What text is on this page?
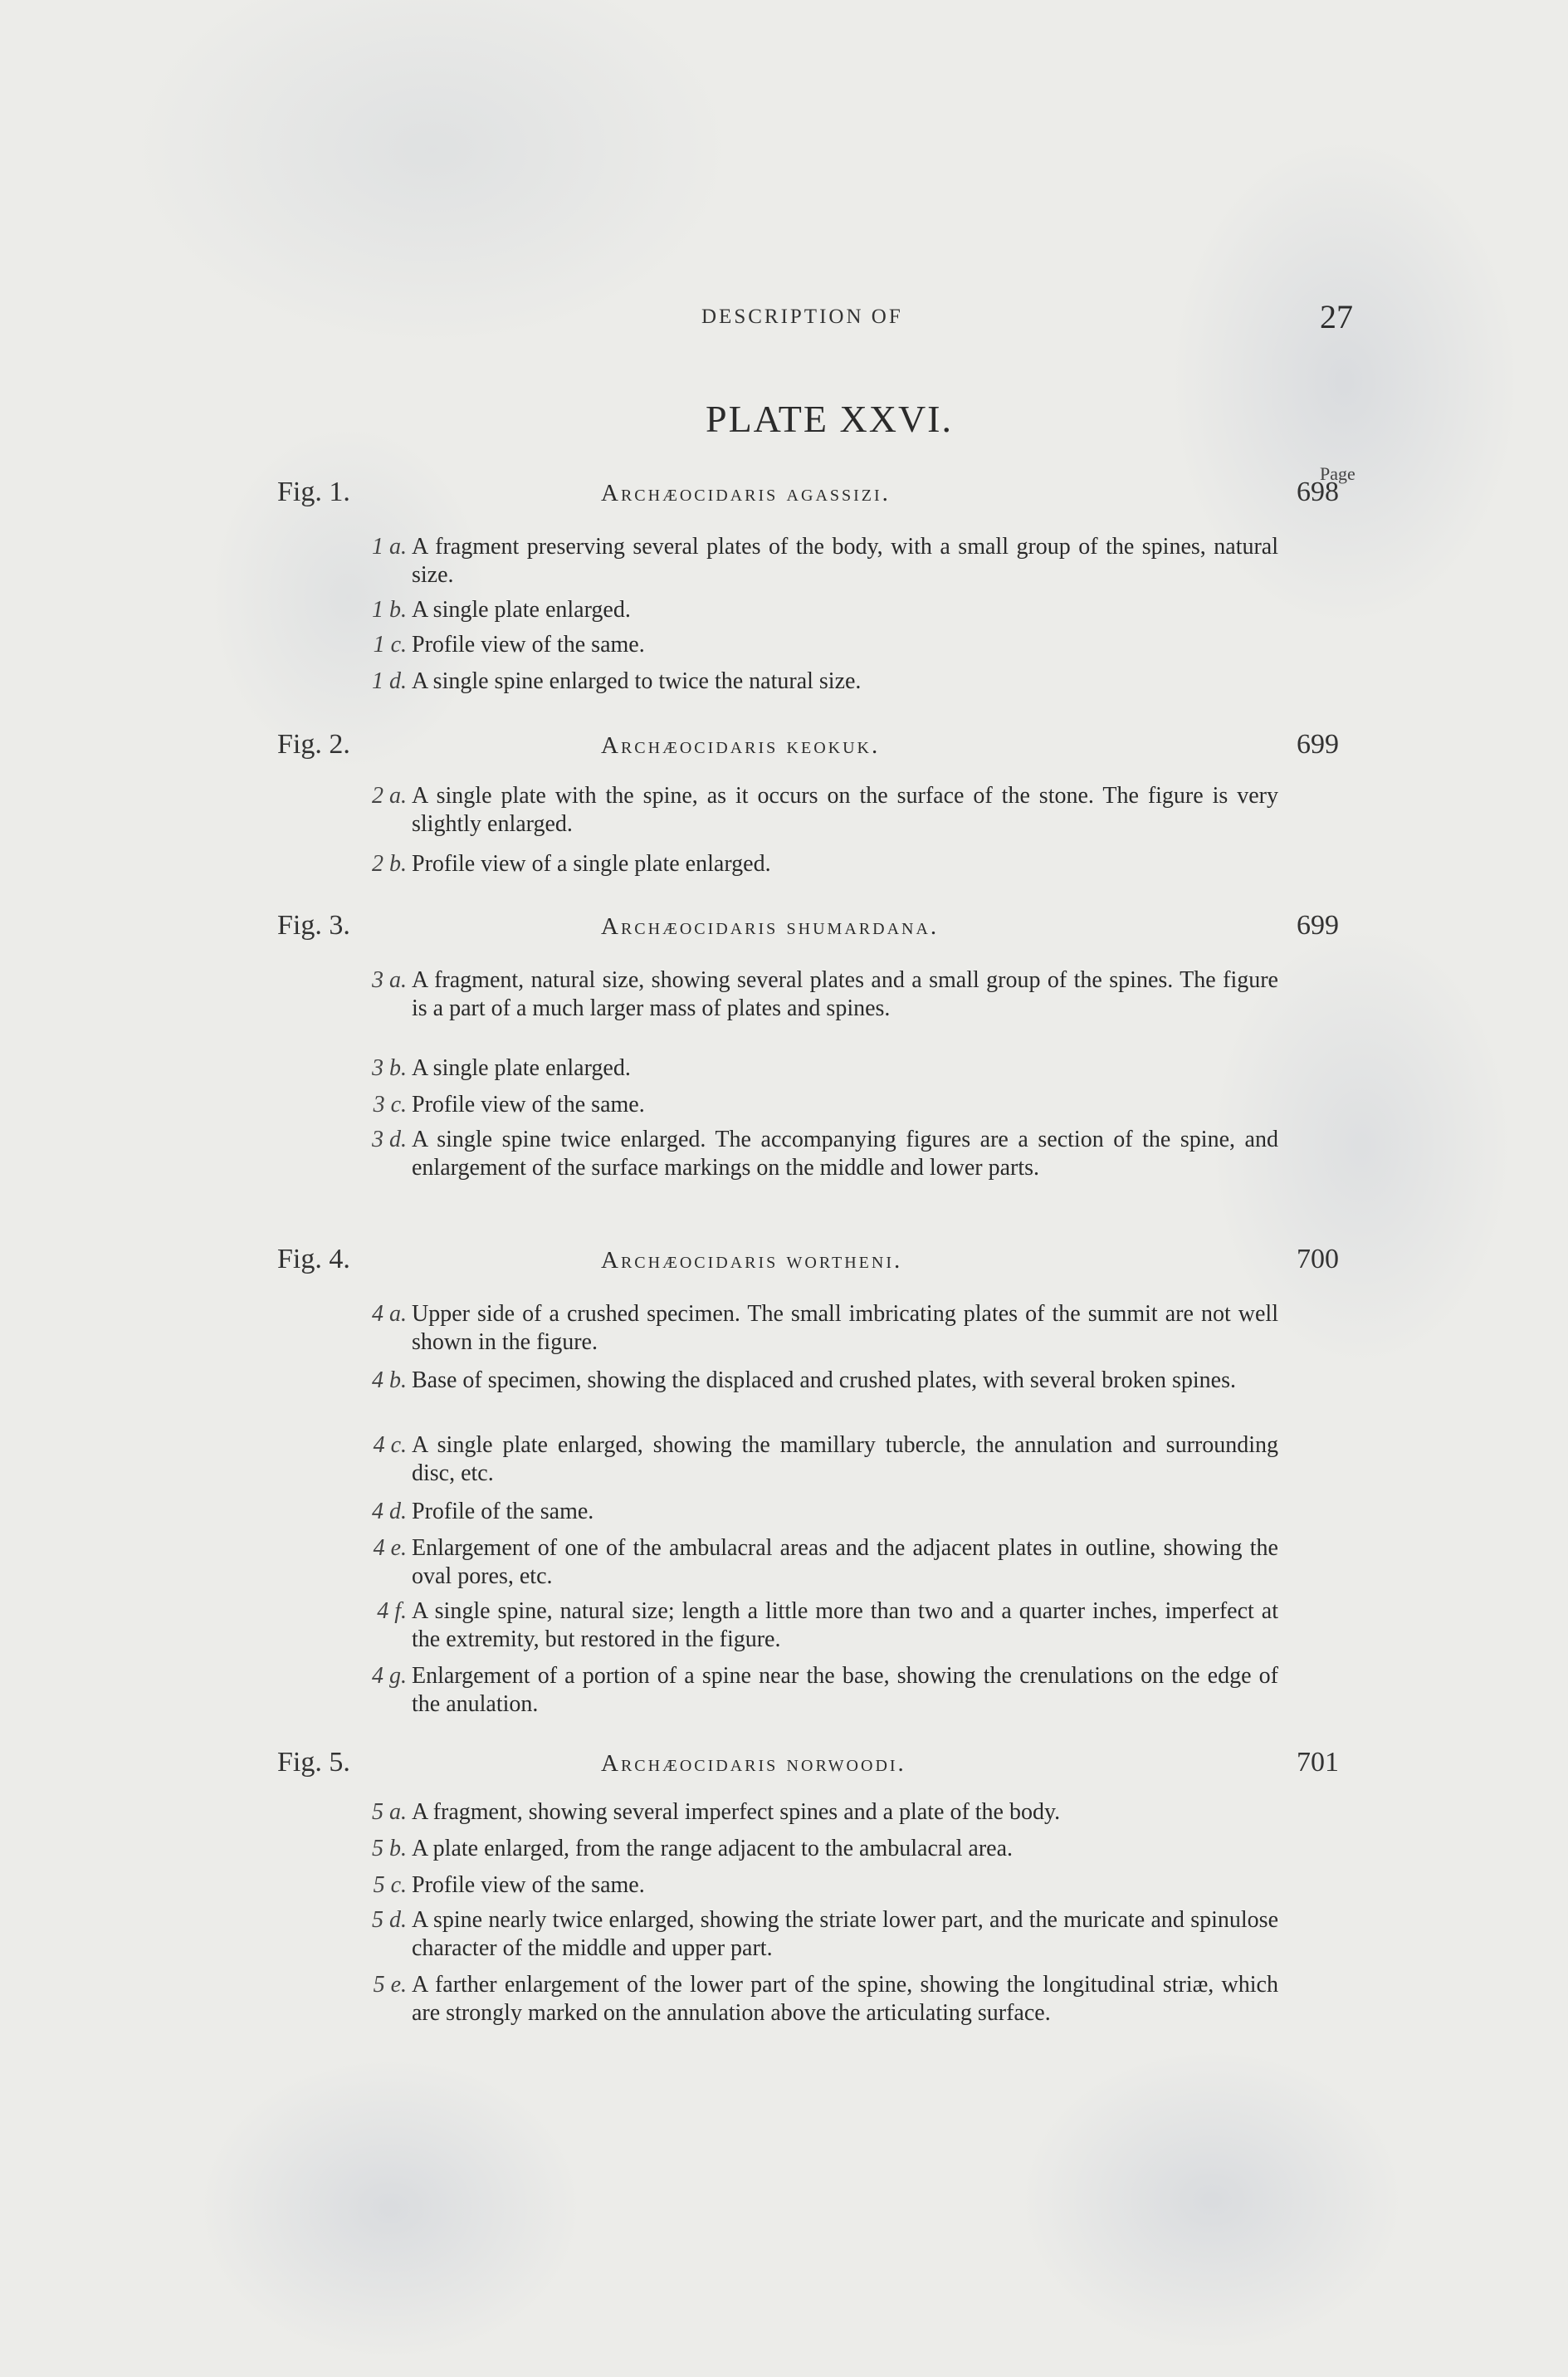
DESCRIPTION OF	27
PLATE XXVI.
Page
Fig. 1.	Archæocidaris agassizi.	698
1 a. A fragment preserving several plates of the body, with a small group of the spines, natural size.
1 b. A single plate enlarged.
1 c. Profile view of the same.
1 d. A single spine enlarged to twice the natural size.
Fig. 2.	Archæocidaris keokuk.	699
2 a. A single plate with the spine, as it occurs on the surface of the stone. The figure is very slightly enlarged.
2 b. Profile view of a single plate enlarged.
Fig. 3.	Archæocidaris shumardana.	699
3 a. A fragment, natural size, showing several plates and a small group of the spines. The figure is a part of a much larger mass of plates and spines.
3 b. A single plate enlarged.
3 c. Profile view of the same.
3 d. A single spine twice enlarged. The accompanying figures are a section of the spine, and enlargement of the surface markings on the middle and lower parts.
Fig. 4.	Archæocidaris wortheni.	700
4 a. Upper side of a crushed specimen. The small imbricating plates of the summit are not well shown in the figure.
4 b. Base of specimen, showing the displaced and crushed plates, with several broken spines.
4 c. A single plate enlarged, showing the mamillary tubercle, the annulation and surrounding disc, etc.
4 d. Profile of the same.
4 e. Enlargement of one of the ambulacral areas and the adjacent plates in outline, showing the oval pores, etc.
4 f. A single spine, natural size; length a little more than two and a quarter inches, imperfect at the extremity, but restored in the figure.
4 g. Enlargement of a portion of a spine near the base, showing the crenulations on the edge of the anulation.
Fig. 5.	Archæocidaris norwoodi.	701
5 a. A fragment, showing several imperfect spines and a plate of the body.
5 b. A plate enlarged, from the range adjacent to the ambulacral area.
5 c. Profile view of the same.
5 d. A spine nearly twice enlarged, showing the striate lower part, and the muricate and spinulose character of the middle and upper part.
5 e. A farther enlargement of the lower part of the spine, showing the longitudinal striæ, which are strongly marked on the annulation above the articulating surface.
